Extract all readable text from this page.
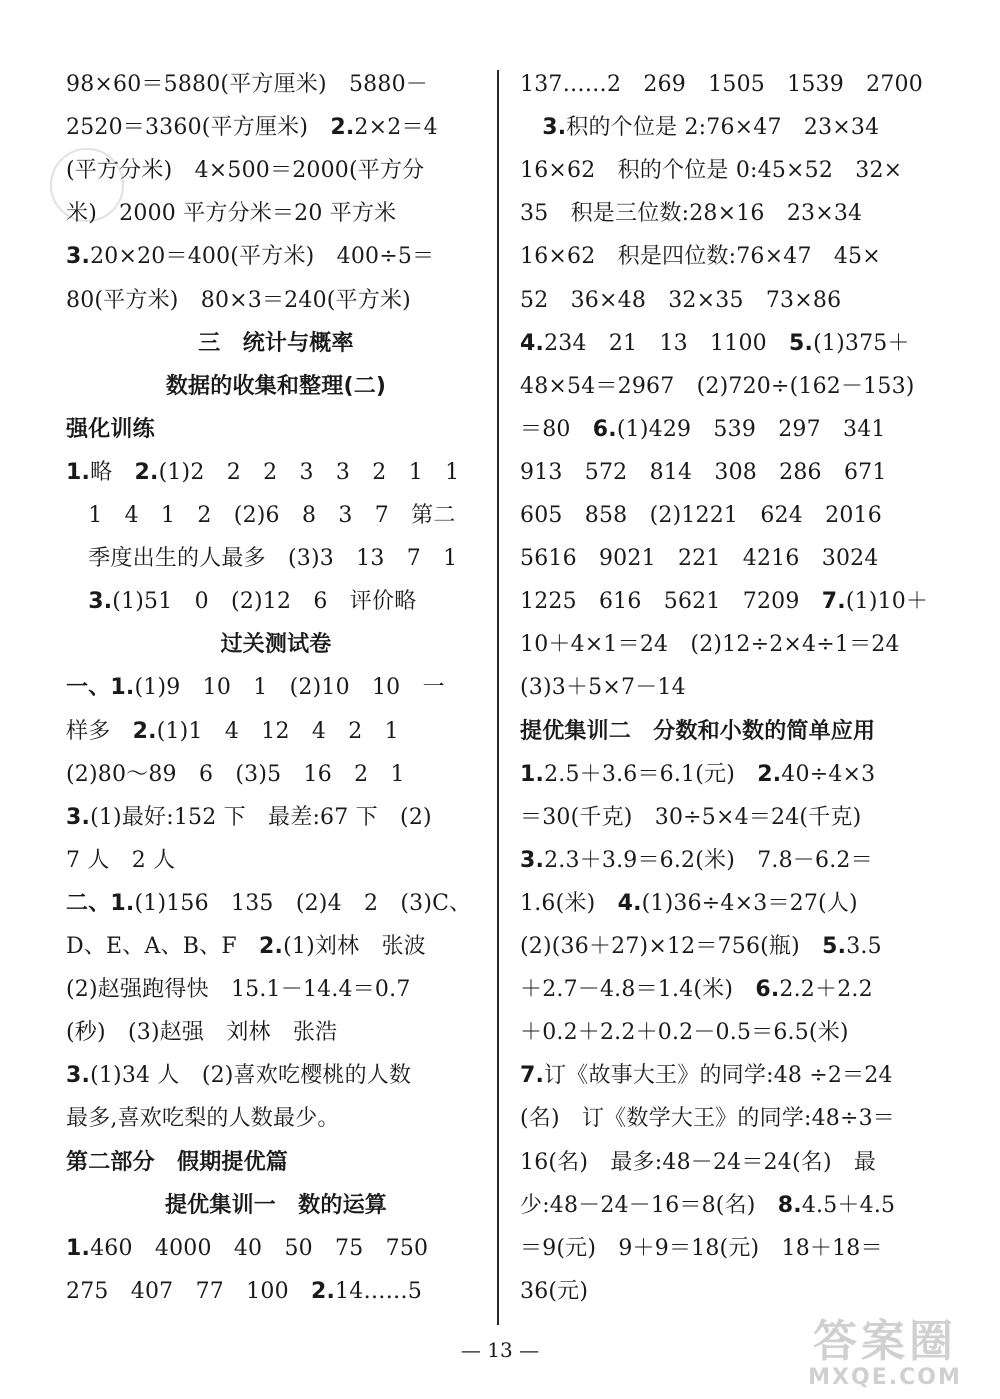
98×60＝5880(平方厘米)　5880－
2520＝3360(平方厘米)　2.2×2＝4
(平方分米)　4×500＝2000(平方分
米)　2000 平方分米＝20 平方米
3.20×20＝400(平方米)　400÷5＝
80(平方米)　80×3＝240(平方米)
三　统计与概率
数据的收集和整理(二)
强化训练
1.略　2.(1)2　2　2　3　3　2　1　1
　1　4　1　2　(2)6　8　3　7　第二
　季度出生的人最多　(3)3　13　7　1
　3.(1)51　0　(2)12　6　评价略
过关测试卷
一、1.(1)9　10　1　(2)10　10　一
样多　2.(1)1　4　12　4　2　1
(2)80～89　6　(3)5　16　2　1
3.(1)最好:152 下　最差:67 下　(2)
7 人　2 人
二、1.(1)156　135　(2)4　2　(3)C、
D、E、A、B、F　2.(1)刘林　张波
(2)赵强跑得快　15.1－14.4＝0.7
(秒)　(3)赵强　刘林　张浩
3.(1)34 人　(2)喜欢吃樱桃的人数
最多,喜欢吃梨的人数最少。
第二部分　假期提优篇
提优集训一　数的运算
1.460　4000　40　50　75　750
275　407　77　100　2.14……5
137……2　269　1505　1539　2700
　3.积的个位是 2:76×47　23×34
16×62　积的个位是 0:45×52　32×
35　积是三位数:28×16　23×34
16×62　积是四位数:76×47　45×
52　36×48　32×35　73×86
4.234　21　13　1100　5.(1)375＋
48×54＝2967　(2)720÷(162－153)
＝80　6.(1)429　539　297　341
913　572　814　308　286　671
605　858　(2)1221　624　2016
5616　9021　221　4216　3024
1225　616　5621　7209　7.(1)10＋
10＋4×1＝24　(2)12÷2×4÷1＝24
(3)3＋5×7－14
提优集训二　分数和小数的简单应用
1.2.5＋3.6＝6.1(元)　2.40÷4×3
＝30(千克)　30÷5×4＝24(千克)
3.2.3＋3.9＝6.2(米)　7.8－6.2＝
1.6(米)　4.(1)36÷4×3＝27(人)
(2)(36＋27)×12＝756(瓶)　5.3.5
＋2.7－4.8＝1.4(米)　6.2.2＋2.2
＋0.2＋2.2＋0.2－0.5＝6.5(米)
7.订《故事大王》的同学:48 ÷2＝24
(名)　订《数学大王》的同学:48÷3＝
16(名)　最多:48－24＝24(名)　最
少:48－24－16＝8(名)　8.4.5＋4.5
＝9(元)　9＋9＝18(元)　18＋18＝
36(元)
— 13 —	答案圈
MXQE.COM
